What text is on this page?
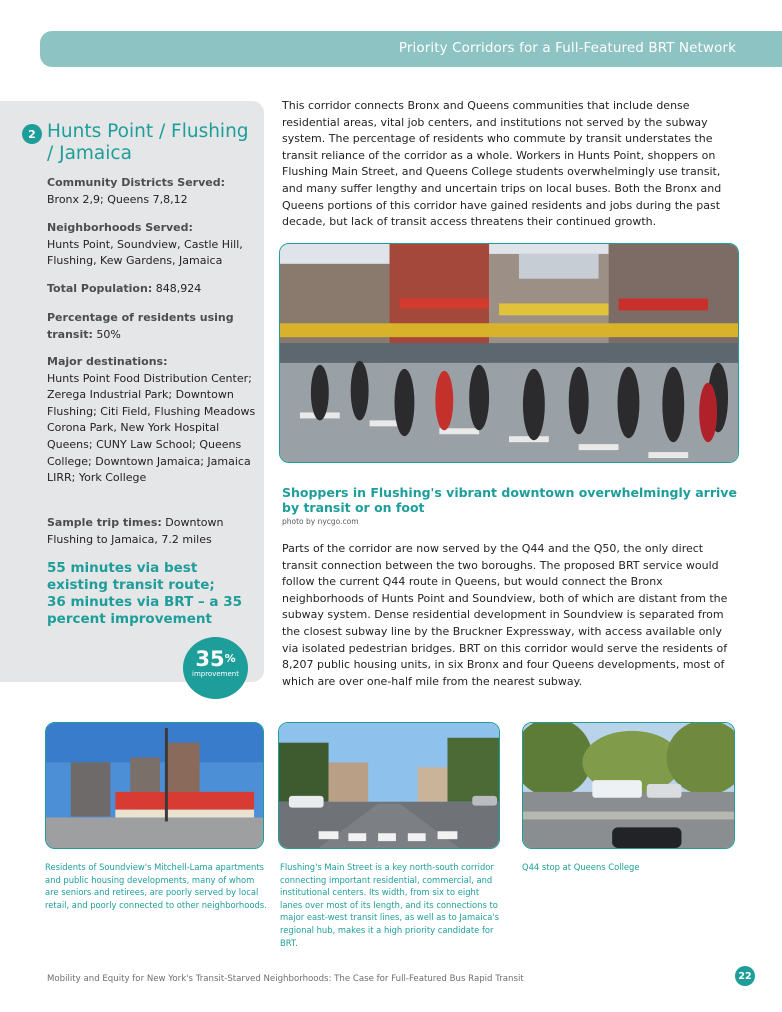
Priority Corridors for a Full-Featured BRT Network
2 Hunts Point / Flushing / Jamaica
Community Districts Served:
Bronx 2,9; Queens 7,8,12
Neighborhoods Served:
Hunts Point, Soundview, Castle Hill, Flushing, Kew Gardens, Jamaica
Total Population: 848,924
Percentage of residents using transit: 50%
Major destinations:
Hunts Point Food Distribution Center; Zerega Industrial Park; Downtown Flushing; Citi Field, Flushing Meadows Corona Park, New York Hospital Queens; CUNY Law School; Queens College; Downtown Jamaica; Jamaica LIRR; York College
Sample trip times: Downtown Flushing to Jamaica, 7.2 miles
55 minutes via best existing transit route;
36 minutes via BRT – a 35 percent improvement
35%
improvement
This corridor connects Bronx and Queens communities that include dense residential areas, vital job centers, and institutions not served by the subway system. The percentage of residents who commute by transit understates the transit reliance of the corridor as a whole. Workers in Hunts Point, shoppers on Flushing Main Street, and Queens College students overwhelmingly use transit, and many suffer lengthy and uncertain trips on local buses. Both the Bronx and Queens portions of this corridor have gained residents and jobs during the past decade, but lack of transit access threatens their continued growth.
Shoppers in Flushing's vibrant downtown overwhelmingly arrive by transit or on foot
photo by nycgo.com
Parts of the corridor are now served by the Q44 and the Q50, the only direct transit connection between the two boroughs. The proposed BRT service would follow the current Q44 route in Queens, but would connect the Bronx neighborhoods of Hunts Point and Soundview, both of which are distant from the subway system. Dense residential development in Soundview is separated from the closest subway line by the Bruckner Expressway, with access available only via isolated pedestrian bridges. BRT on this corridor would serve the residents of 8,207 public housing units, in six Bronx and four Queens developments, most of which are over one-half mile from the nearest subway.
Residents of Soundview's Mitchell-Lama apartments and public housing developments, many of whom are seniors and retirees, are poorly served by local retail, and poorly connected to other neighborhoods.
Flushing's Main Street is a key north-south corridor connecting important residential, commercial, and institutional centers. Its width, from six to eight lanes over most of its length, and its connections to major east-west transit lines, as well as to Jamaica's regional hub, makes it a high priority candidate for BRT.
Q44 stop at Queens College
Mobility and Equity for New York's Transit-Starved Neighborhoods: The Case for Full-Featured Bus Rapid Transit	22
